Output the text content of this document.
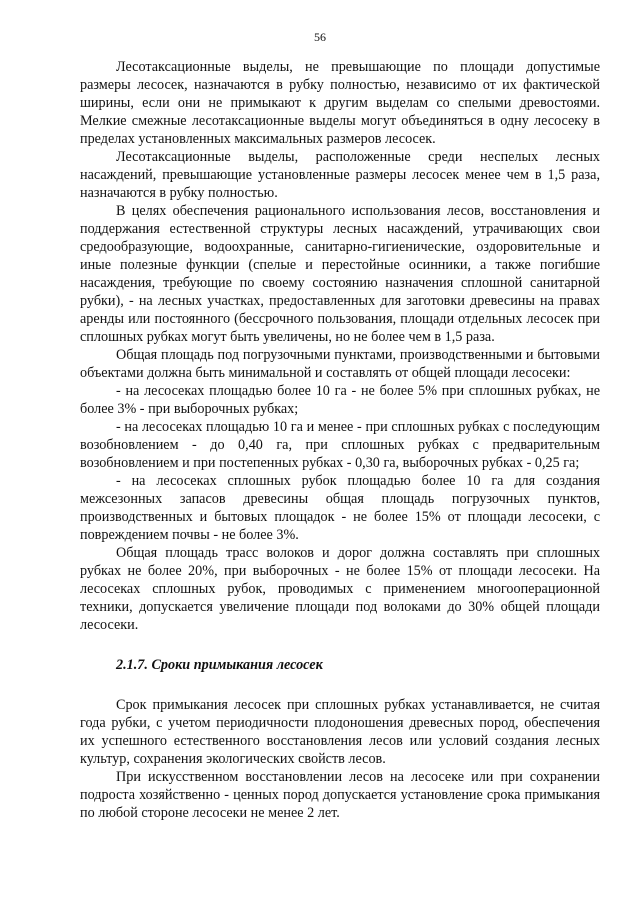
56

Лесотаксационные выделы, не превышающие по площади допустимые размеры лесосек, назначаются в рубку полностью, независимо от их фактической ширины, если они не примыкают к другим выделам со спелыми древостоями. Мелкие смежные лесотаксационные выделы могут объединяться в одну лесосеку в пределах установленных максимальных размеров лесосек.

Лесотаксационные выделы, расположенные среди неспелых лесных насаждений, превышающие установленные размеры лесосек менее чем в 1,5 раза, назначаются в рубку полностью.

В целях обеспечения рационального использования лесов, восстановления и поддержания естественной структуры лесных насаждений, утрачивающих свои средообразующие, водоохранные, санитарно-гигиенические, оздоровительные и иные полезные функции (спелые и перестойные осинники, а также погибшие насаждения, требующие по своему состоянию назначения сплошной санитарной рубки), - на лесных участках, предоставленных для заготовки древесины на правах аренды или постоянного (бессрочного пользования, площади отдельных лесосек при сплошных рубках могут быть увеличены, но не более чем в 1,5 раза.

Общая площадь под погрузочными пунктами, производственными и бытовыми объектами должна быть минимальной и составлять от общей площади лесосеки:

- на лесосеках площадью более 10 га - не более 5% при сплошных рубках, не более 3% - при выборочных рубках;

- на лесосеках площадью 10 га и менее - при сплошных рубках с последующим возобновлением - до 0,40 га, при сплошных рубках с предварительным возобновлением и при постепенных рубках - 0,30 га, выборочных рубках - 0,25 га;

- на лесосеках сплошных рубок площадью более 10 га для создания межсезонных запасов древесины общая площадь погрузочных пунктов, производственных и бытовых площадок - не более 15% от площади лесосеки, с повреждением почвы - не более 3%.

Общая площадь трасс волоков и дорог должна составлять при сплошных рубках не более 20%, при выборочных - не более 15% от площади лесосеки. На лесосеках сплошных рубок, проводимых с применением многооперационной техники, допускается увеличение площади под волоками до 30% общей площади лесосеки.

2.1.7. Сроки примыкания лесосек

Срок примыкания лесосек при сплошных рубках устанавливается, не считая года рубки, с учетом периодичности плодоношения древесных пород, обеспечения их успешного естественного восстановления лесов или условий создания лесных культур, сохранения экологических свойств лесов.

При искусственном восстановлении лесов на лесосеке или при сохранении подроста хозяйственно - ценных пород допускается установление срока примыкания по любой стороне лесосеки не менее 2 лет.
